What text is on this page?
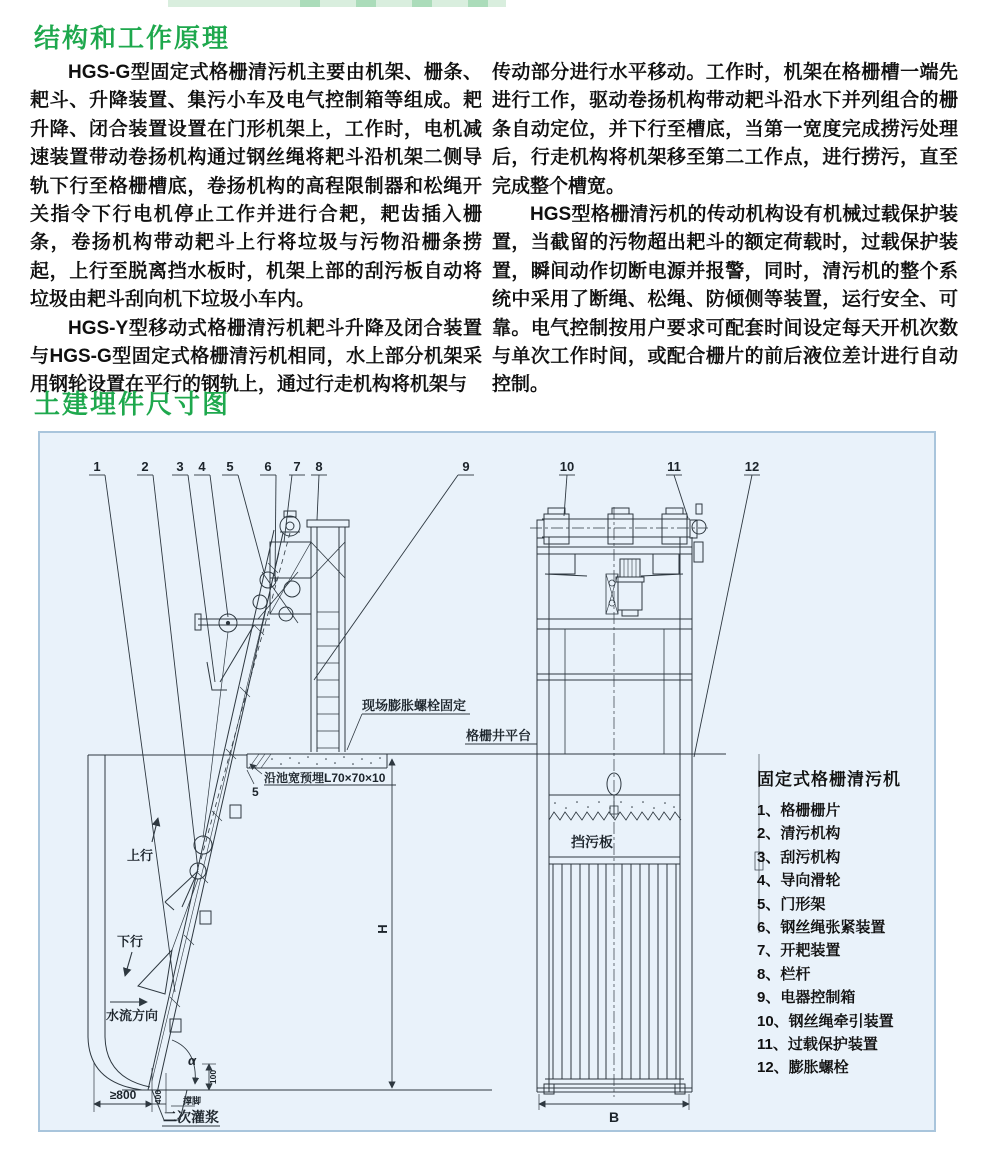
结构和工作原理

HGS-G型固定式格栅清污机主要由机架、栅条、耙斗、升降装置、集污小车及电气控制箱等组成。耙升降、闭合装置设置在门形机架上，工作时，电机减速装置带动卷扬机构通过钢丝绳将耙斗沿机架二侧导轨下行至格栅槽底，卷扬机构的高程限制器和松绳开关指令下行电机停止工作并进行合耙，耙齿插入栅条，卷扬机构带动耙斗上行将垃圾与污物沿栅条捞起，上行至脱离挡水板时，机架上部的刮污板自动将垃圾由耙斗刮向机下垃圾小车内。

HGS-Y型移动式格栅清污机耙斗升降及闭合装置与HGS-G型固定式格栅清污机相同，水上部分机架采用钢轮设置在平行的钢轨上，通过行走机构将机架与

传动部分进行水平移动。工作时，机架在格栅槽一端先进行工作，驱动卷扬机构带动耙斗沿水下并列组合的栅条自动定位，并下行至槽底，当第一宽度完成捞污处理后，行走机构将机架移至第二工作点，进行捞污，直至完成整个槽宽。

HGS型格栅清污机的传动机构设有机械过载保护装置，当截留的污物超出耙斗的额定荷载时，过载保护装置，瞬间动作切断电源并报警，同时，清污机的整个系统中采用了断绳、松绳、防倾侧等装置，运行安全、可靠。电气控制按用户要求可配套时间设定每天开机次数与单次工作时间，或配合栅片的前后液位差计进行自动控制。

土建埋件尺寸图
1	2 3 4 5 6 7 8	9	10	11	12
上行
下行
水流方向
现场膨胀螺栓固定
沿池宽预埋L70×70×10
5
格栅井平台
挡污板
撑脚
二次灌浆
≥800 400
100
α
H
B
固定式格栅清污机
1、格栅栅片
2、清污机构
3、刮污机构
4、导向滑轮
5、门形架
6、钢丝绳张紧装置
7、开耙装置
8、栏杆
9、电器控制箱
10、钢丝绳牵引装置
11、过载保护装置
12、膨胀螺栓
